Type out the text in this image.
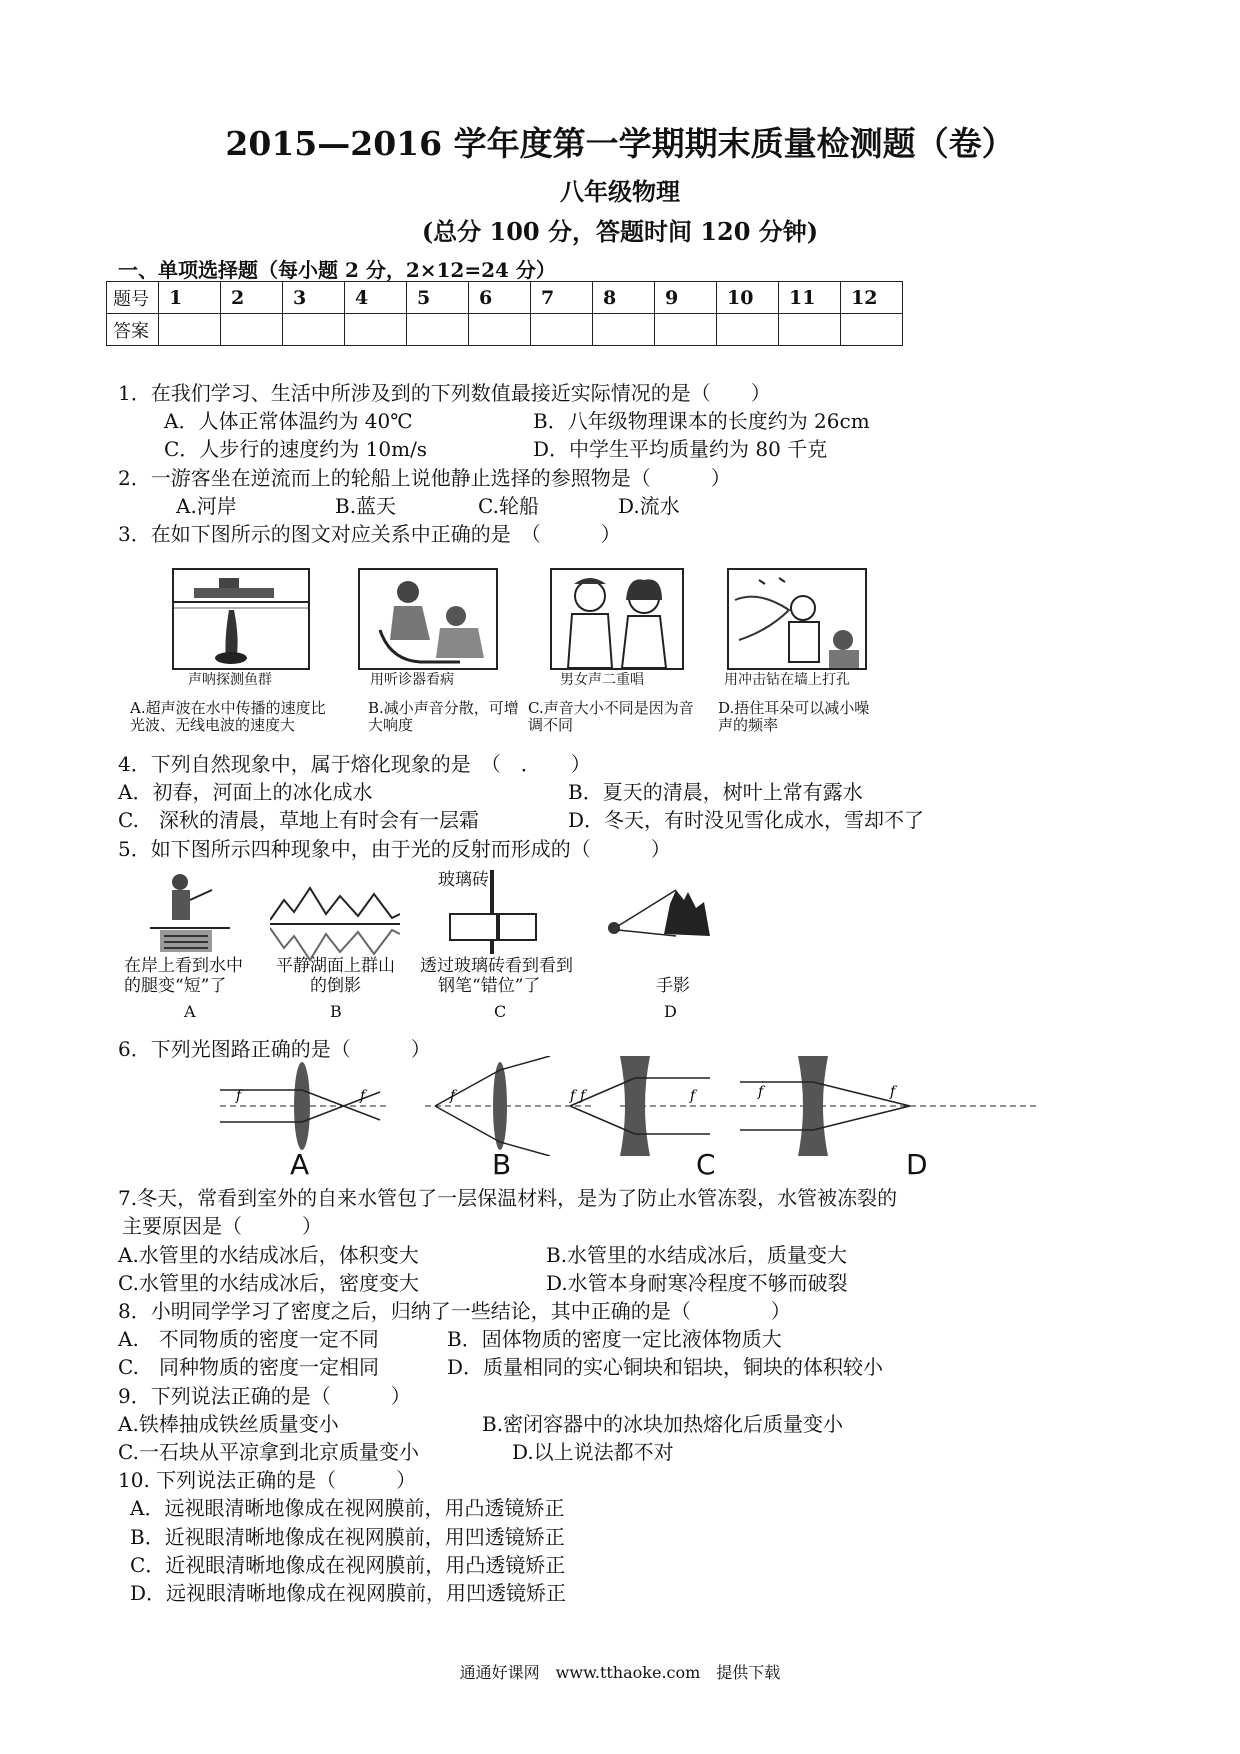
2015—2016 学年度第一学期期末质量检测题（卷）
八年级物理
(总分 100 分，答题时间 120 分钟)
一、单项选择题（每小题 2 分，2×12=24 分）
题号	1	2	3	4	5	6	7	8	9	10	11	12
答案												
1．在我们学习、生活中所涉及到的下列数值最接近实际情况的是（　　）
A．人体正常体温约为 40℃	B．八年级物理课本的长度约为 26cm
C．人步行的速度约为 10m/s	D．中学生平均质量约为 80 千克
2．一游客坐在逆流而上的轮船上说他静止选择的参照物是（　　　）
A.河岸	B.蓝天	C.轮船	D.流水
3．在如下图所示的图文对应关系中正确的是　（　　　）
声呐探测鱼群
A.超声波在水中传播的速度比光波、无线电波的速度大
用听诊器看病
B.减小声音分散，可增大响度
男女声二重唱
C.声音大小不同是因为音调不同
用冲击钻在墙上打孔
D.捂住耳朵可以减小噪声的频率
4．下列自然现象中，属于熔化现象的是　（　．　　）
A．初春，河面上的冰化成水	B．夏天的清晨，树叶上常有露水
C.　深秋的清晨，草地上有时会有一层霜	D．冬天，有时没见雪化成水，雪却不了
5．如下图所示四种现象中，由于光的反射而形成的（　　　）
在岸上看到水中
的腿变“短”了
A
平静湖面上群山
的倒影
B
玻璃砖
透过玻璃砖看到看到
钢笔“错位”了
C
手影
D
6．下列光图路正确的是（　　　）
f	f	f	f f	f	f	f
A	B	C	D
7.冬天，常看到室外的自来水管包了一层保温材料，是为了防止水管冻裂，水管被冻裂的
主要原因是（　　　）
A.水管里的水结成冰后，体积变大	B.水管里的水结成冰后，质量变大
C.水管里的水结成冰后，密度变大	D.水管本身耐寒冷程度不够而破裂
8．小明同学学习了密度之后，归纳了一些结论，其中正确的是（　　　　）
A.　不同物质的密度一定不同	B．固体物质的密度一定比液体物质大
C.　同种物质的密度一定相同	D．质量相同的实心铜块和铝块，铜块的体积较小
9．下列说法正确的是（　　　）
A.铁棒抽成铁丝质量变小	B.密闭容器中的冰块加热熔化后质量变小
C.一石块从平凉拿到北京质量变小	D.以上说法都不对
10. 下列说法正确的是（　　　）
A．远视眼清晰地像成在视网膜前，用凸透镜矫正
B．近视眼清晰地像成在视网膜前，用凹透镜矫正
C．近视眼清晰地像成在视网膜前，用凸透镜矫正
D．远视眼清晰地像成在视网膜前，用凹透镜矫正
通通好课网　www.tthaoke.com　提供下载
